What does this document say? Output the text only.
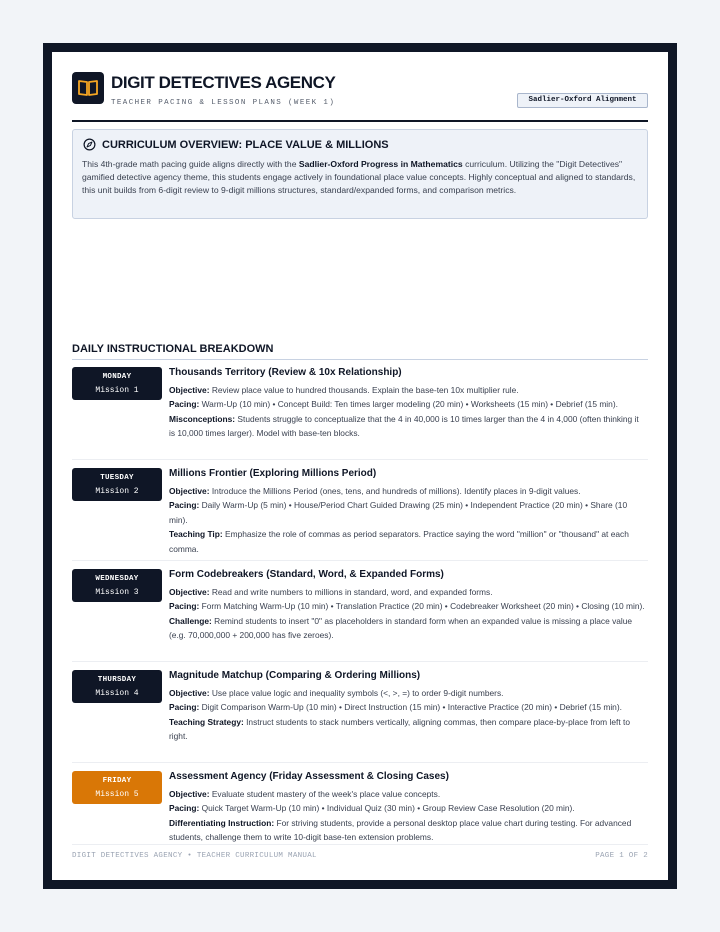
DIGIT DETECTIVES AGENCY
TEACHER PACING & LESSON PLANS (WEEK 1)	Sadlier-Oxford Alignment
CURRICULUM OVERVIEW: PLACE VALUE & MILLIONS
This 4th-grade math pacing guide aligns directly with the Sadlier-Oxford Progress in Mathematics curriculum. Utilizing the "Digit Detectives" gamified detective agency theme, this students engage actively in foundational place value concepts. Highly conceptual and aligned to standards, this unit builds from 6-digit review to 9-digit millions structures, standard/expanded forms, and comparison metrics.
DAILY INSTRUCTIONAL BREAKDOWN
MONDAY
Mission 1
Thousands Territory (Review & 10x Relationship)

Objective: Review place value to hundred thousands. Explain the base-ten 10x multiplier rule.

Pacing: Warm-Up (10 min) • Concept Build: Ten times larger modeling (20 min) • Worksheets (15 min) • Debrief (15 min).

Misconceptions: Students struggle to conceptualize that the 4 in 40,000 is 10 times larger than the 4 in 4,000 (often thinking it is 10,000 times larger). Model with base-ten blocks.

TUESDAY
Mission 2
Millions Frontier (Exploring Millions Period)

Objective: Introduce the Millions Period (ones, tens, and hundreds of millions). Identify places in 9-digit values.

Pacing: Daily Warm-Up (5 min) • House/Period Chart Guided Drawing (25 min) • Independent Practice (20 min) • Share (10 min).

Teaching Tip: Emphasize the role of commas as period separators. Practice saying the word "million" or "thousand" at each comma.

WEDNESDAY
Mission 3
Form Codebreakers (Standard, Word, & Expanded Forms)

Objective: Read and write numbers to millions in standard, word, and expanded forms.

Pacing: Form Matching Warm-Up (10 min) • Translation Practice (20 min) • Codebreaker Worksheet (20 min) • Closing (10 min).

Challenge: Remind students to insert "0" as placeholders in standard form when an expanded value is missing a place value (e.g. 70,000,000 + 200,000 has five zeroes).

THURSDAY
Mission 4
Magnitude Matchup (Comparing & Ordering Millions)

Objective: Use place value logic and inequality symbols (<, >, =) to order 9-digit numbers.

Pacing: Digit Comparison Warm-Up (10 min) • Direct Instruction (15 min) • Interactive Practice (20 min) • Debrief (15 min).

Teaching Strategy: Instruct students to stack numbers vertically, aligning commas, then compare place-by-place from left to right.

FRIDAY
Mission 5
Assessment Agency (Friday Assessment & Closing Cases)

Objective: Evaluate student mastery of the week's place value concepts.

Pacing: Quick Target Warm-Up (10 min) • Individual Quiz (30 min) • Group Review Case Resolution (20 min).

Differentiating Instruction: For striving students, provide a personal desktop place value chart during testing. For advanced students, challenge them to write 10-digit base-ten extension problems.

DIGIT DETECTIVES AGENCY • TEACHER CURRICULUM MANUAL	PAGE 1 OF 2
